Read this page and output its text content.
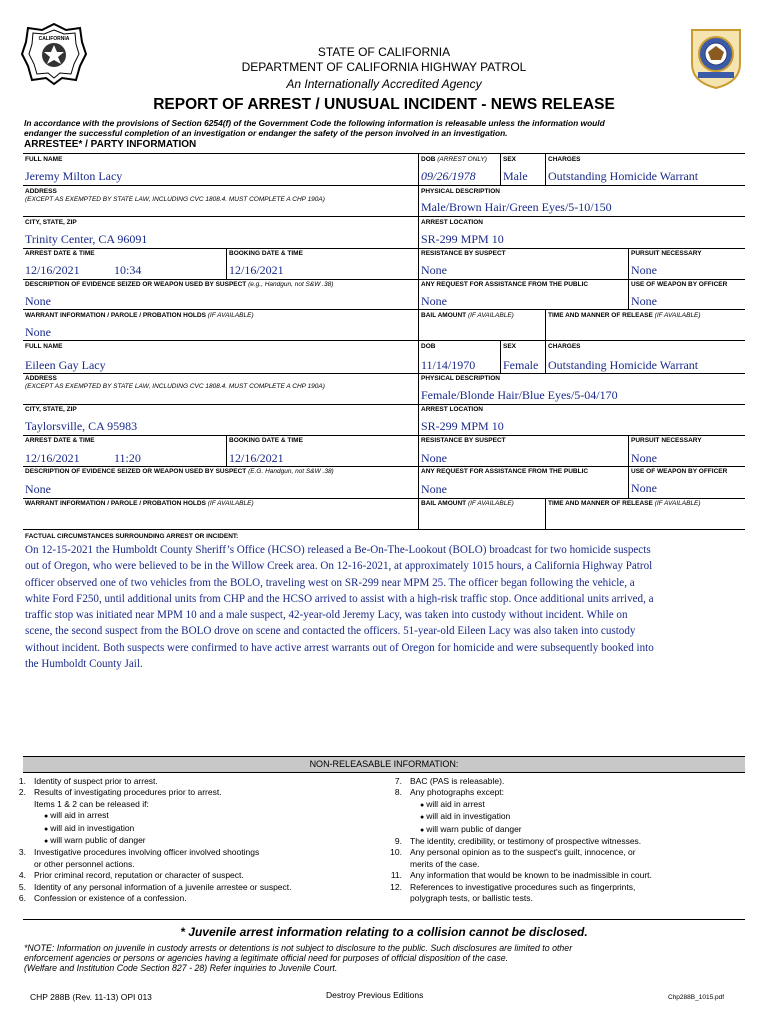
CALIFORNIA
STATE OF CALIFORNIA
DEPARTMENT OF CALIFORNIA HIGHWAY PATROL
An Internationally Accredited Agency
REPORT OF ARREST / UNUSUAL INCIDENT - NEWS RELEASE
In accordance with the provisions of Section 6254(f) of the Government Code the following information is releasable unless the information would
endanger the successful completion of an investigation or endanger the safety of the person involved in an investigation.
ARRESTEE* / PARTY INFORMATION
FULL NAME
Jeremy Milton Lacy
DOB (ARREST ONLY)
09/26/1978
SEX
Male
CHARGES
Outstanding Homicide Warrant
ADDRESS
(EXCEPT AS EXEMPTED BY STATE LAW, INCLUDING CVC 1808.4. MUST COMPLETE A CHP 190A)
PHYSICAL DESCRIPTION
Male/Brown Hair/Green Eyes/5-10/150
CITY, STATE, ZIP
Trinity Center, CA 96091
ARREST LOCATION
SR-299 MPM 10
ARREST DATE & TIME
12/16/2021	10:34
BOOKING DATE & TIME
12/16/2021
RESISTANCE BY SUSPECT
None
PURSUIT NECESSARY
None
DESCRIPTION OF EVIDENCE SEIZED OR WEAPON USED BY SUSPECT (e.g., Handgun, not S&W .38)
None
ANY REQUEST FOR ASSISTANCE FROM THE PUBLIC
None
USE OF WEAPON BY OFFICER
None
WARRANT INFORMATION / PAROLE / PROBATION HOLDS (IF AVAILABLE)
None
BAIL AMOUNT (IF AVAILABLE)	TIME AND MANNER OF RELEASE (IF AVAILABLE)
FULL NAME
Eileen Gay Lacy
DOB
11/14/1970
SEX
Female
CHARGES
Outstanding Homicide Warrant
ADDRESS
(EXCEPT AS EXEMPTED BY STATE LAW, INCLUDING CVC 1808.4. MUST COMPLETE A CHP 190A)
PHYSICAL DESCRIPTION
Female/Blonde Hair/Blue Eyes/5-04/170
CITY, STATE, ZIP
Taylorsville, CA 95983
ARREST LOCATION
SR-299 MPM 10
ARREST DATE & TIME
12/16/2021	11:20
BOOKING DATE & TIME
12/16/2021
RESISTANCE BY SUSPECT
None
PURSUIT NECESSARY
None
DESCRIPTION OF EVIDENCE SEIZED OR WEAPON USED BY SUSPECT (E.G. Handgun, not S&W .38)
None
ANY REQUEST FOR ASSISTANCE FROM THE PUBLIC
None
USE OF WEAPON BY OFFICER
None
WARRANT INFORMATION / PAROLE / PROBATION HOLDS (IF AVAILABLE)	BAIL AMOUNT (IF AVAILABLE)	TIME AND MANNER OF RELEASE (IF AVAILABLE)
FACTUAL CIRCUMSTANCES SURROUNDING ARREST OR INCIDENT:
On 12-15-2021 the Humboldt County Sheriff’s Office (HCSO) released a Be-On-The-Lookout (BOLO) broadcast for two homicide suspects
out of Oregon, who were believed to be in the Willow Creek area. On 12-16-2021, at approximately 1015 hours, a California Highway Patrol
officer observed one of two vehicles from the BOLO, traveling west on SR-299 near MPM 25. The officer began following the vehicle, a
white Ford F250, until additional units from CHP and the HCSO arrived to assist with a high-risk traffic stop. Once additional units arrived, a
traffic stop was initiated near MPM 10 and a male suspect, 42-year-old Jeremy Lacy, was taken into custody without incident. While on
scene, the second suspect from the BOLO drove on scene and contacted the officers. 51-year-old Eileen Lacy was also taken into custody
without incident. Both suspects were confirmed to have active arrest warrants out of Oregon for homicide and were subsequently booked into
the Humboldt County Jail.
NON-RELEASABLE INFORMATION:
1. Identity of suspect prior to arrest.
2. Results of investigating procedures prior to arrest.
Items 1 & 2 can be released if:
● will aid in arrest
● will aid in investigation
● will warn public of danger
3. Investigative procedures involving officer involved shootings
or other personnel actions.
4. Prior criminal record, reputation or character of suspect.
5. Identity of any personal information of a juvenile arrestee or suspect.
6. Confession or existence of a confession.
7. BAC (PAS is releasable).
8. Any photographs except:
● will aid in arrest
● will aid in investigation
● will warn public of danger
9. The identity, credibility, or testimony of prospective witnesses.
10. Any personal opinion as to the suspect's guilt, innocence, or
merits of the case.
11. Any information that would be known to be inadmissible in court.
12. References to investigative procedures such as fingerprints,
polygraph tests, or ballistic tests.
* Juvenile arrest information relating to a collision cannot be disclosed.
*NOTE: Information on juvenile in custody arrests or detentions is not subject to disclosure to the public. Such disclosures are limited to other
enforcement agencies or persons or agencies having a legitimate official need for purposes of official disposition of the case.
(Welfare and Institution Code Section 827 - 28) Refer inquiries to Juvenile Court.
CHP 288B (Rev. 11-13) OPI 013	Destroy Previous Editions	Chp288B_1015.pdf
